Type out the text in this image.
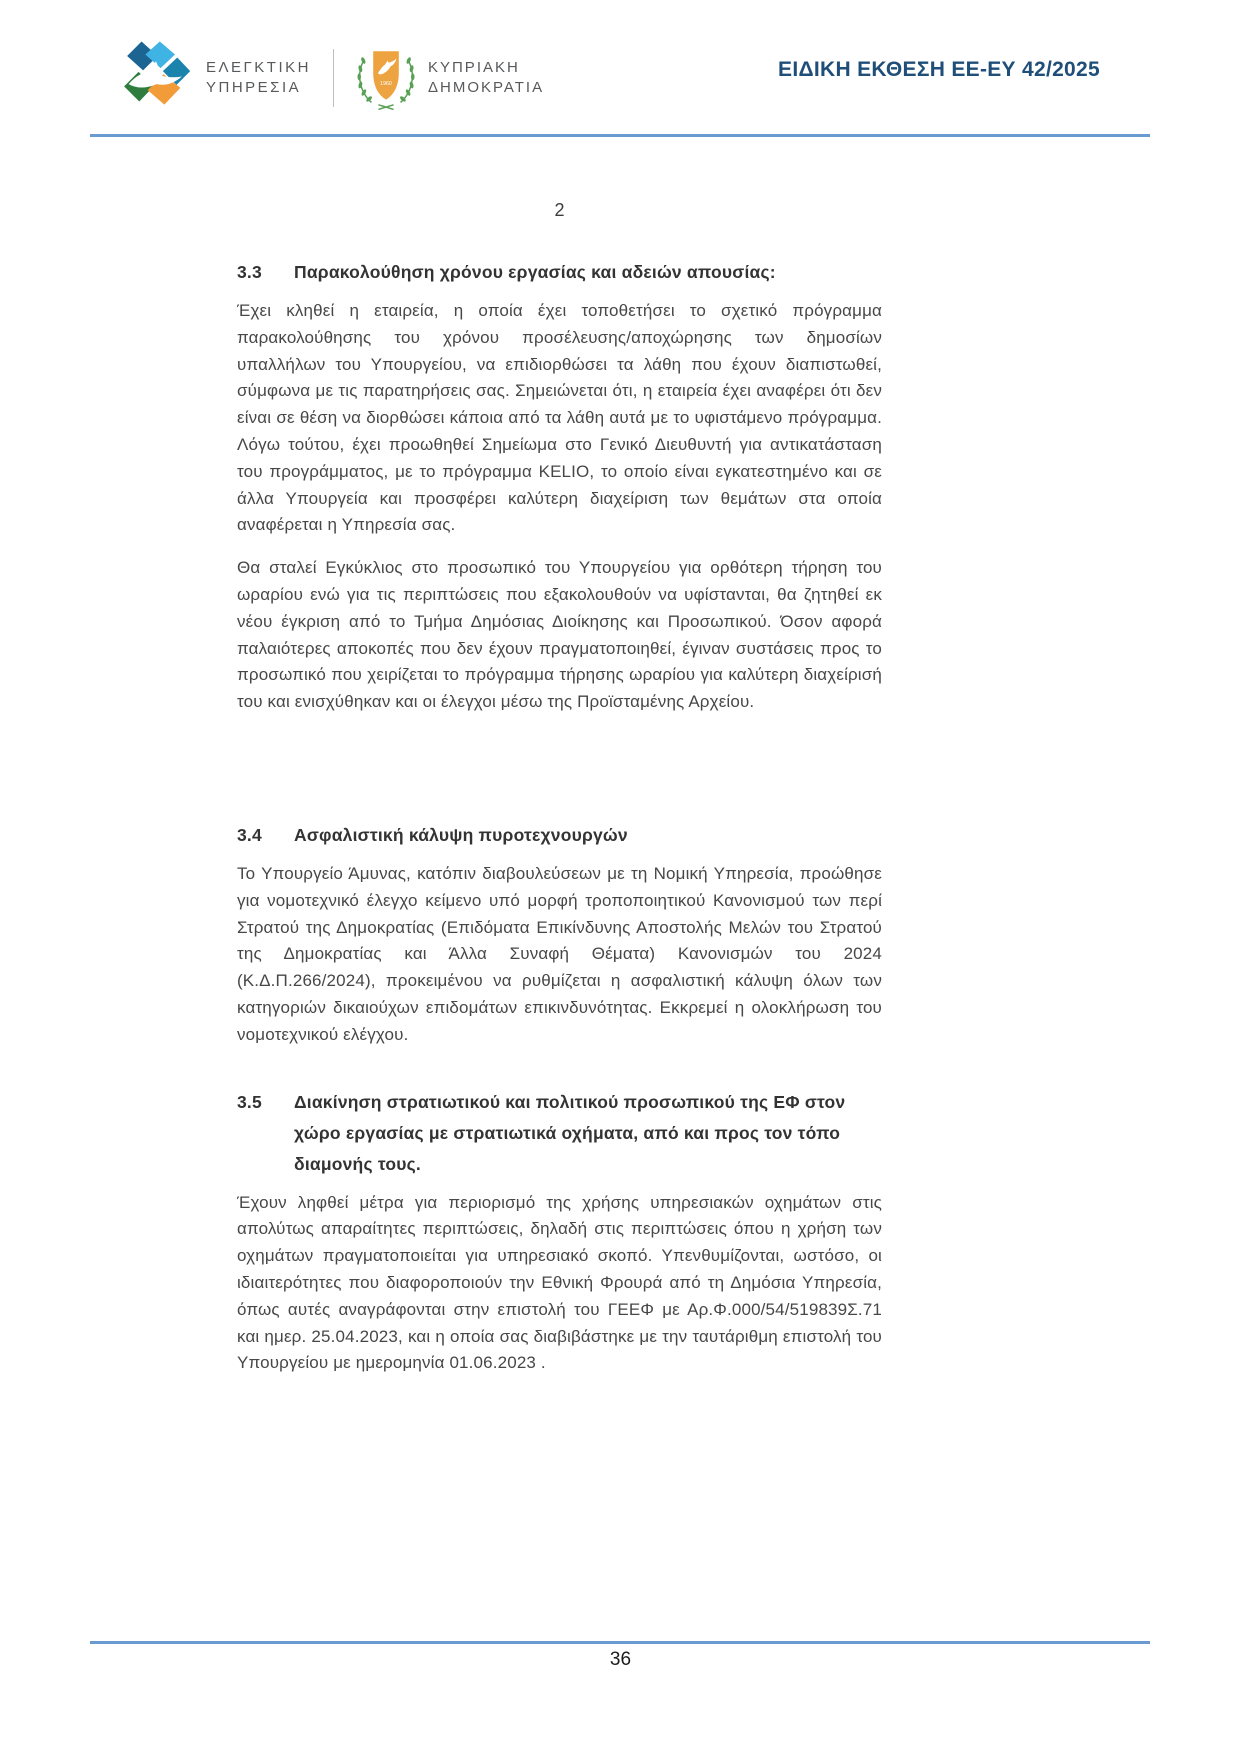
ΕΛΕΓΚΤΙΚΗ
ΥΠΗΡΕΣΙΑ	1960
ΚΥΠΡΙΑΚΗ
ΔΗΜΟΚΡΑΤΙΑ
ΕΙΔΙΚΗ ΕΚΘΕΣΗ ΕΕ-ΕΥ 42/2025
2
3.3	Παρακολούθηση χρόνου εργασίας και αδειών απουσίας:

Έχει κληθεί η εταιρεία, η οποία έχει τοποθετήσει το σχετικό πρόγραμμα παρακολούθησης του χρόνου προσέλευσης/αποχώρησης των δημοσίων υπαλλήλων του Υπουργείου, να επιδιορθώσει τα λάθη που έχουν διαπιστωθεί, σύμφωνα με τις παρατηρήσεις σας. Σημειώνεται ότι, η εταιρεία έχει αναφέρει ότι δεν είναι σε θέση να διορθώσει κάποια από τα λάθη αυτά με το υφιστάμενο πρόγραμμα. Λόγω τούτου, έχει προωθηθεί Σημείωμα στο Γενικό Διευθυντή για αντικατάσταση του προγράμματος, με το πρόγραμμα KELIO, το οποίο είναι εγκατεστημένο και σε άλλα Υπουργεία και προσφέρει καλύτερη διαχείριση των θεμάτων στα οποία αναφέρεται η Υπηρεσία σας.

Θα σταλεί Εγκύκλιος στο προσωπικό του Υπουργείου για ορθότερη τήρηση του ωραρίου ενώ για τις περιπτώσεις που εξακολουθούν να υφίστανται, θα ζητηθεί εκ νέου έγκριση από το Τμήμα Δημόσιας Διοίκησης και Προσωπικού. Όσον αφορά παλαιότερες αποκοπές που δεν έχουν πραγματοποιηθεί, έγιναν συστάσεις προς το προσωπικό που χειρίζεται το πρόγραμμα τήρησης ωραρίου για καλύτερη διαχείρισή του και ενισχύθηκαν και οι έλεγχοι μέσω της Προϊσταμένης Αρχείου.

3.4	Ασφαλιστική κάλυψη πυροτεχνουργών

Το Υπουργείο Άμυνας, κατόπιν διαβουλεύσεων με τη Νομική Υπηρεσία, προώθησε για νομοτεχνικό έλεγχο κείμενο υπό μορφή τροποποιητικού Κανονισμού των περί Στρατού της Δημοκρατίας (Επιδόματα Επικίνδυνης Αποστολής Μελών του Στρατού της Δημοκρατίας και Άλλα Συναφή Θέματα) Κανονισμών του 2024 (Κ.Δ.Π.266/2024), προκειμένου να ρυθμίζεται η ασφαλιστική κάλυψη όλων των κατηγοριών δικαιούχων επιδομάτων επικινδυνότητας. Εκκρεμεί η ολοκλήρωση του νομοτεχνικού ελέγχου.

3.5	Διακίνηση στρατιωτικού και πολιτικού προσωπικού της ΕΦ στον χώρο εργασίας με στρατιωτικά οχήματα, από και προς τον τόπο διαμονής τους.

Έχουν ληφθεί μέτρα για περιορισμό της χρήσης υπηρεσιακών οχημάτων στις απολύτως απαραίτητες περιπτώσεις, δηλαδή στις περιπτώσεις όπου η χρήση των οχημάτων πραγματοποιείται για υπηρεσιακό σκοπό. Υπενθυμίζονται, ωστόσο, οι ιδιαιτερότητες που διαφοροποιούν την Εθνική Φρουρά από τη Δημόσια Υπηρεσία, όπως αυτές αναγράφονται στην επιστολή του ΓΕΕΦ με Αρ.Φ.000/54/519839Σ.71 και ημερ. 25.04.2023, και η οποία σας διαβιβάστηκε με την ταυτάριθμη επιστολή του Υπουργείου με ημερομηνία 01.06.2023 .

36
